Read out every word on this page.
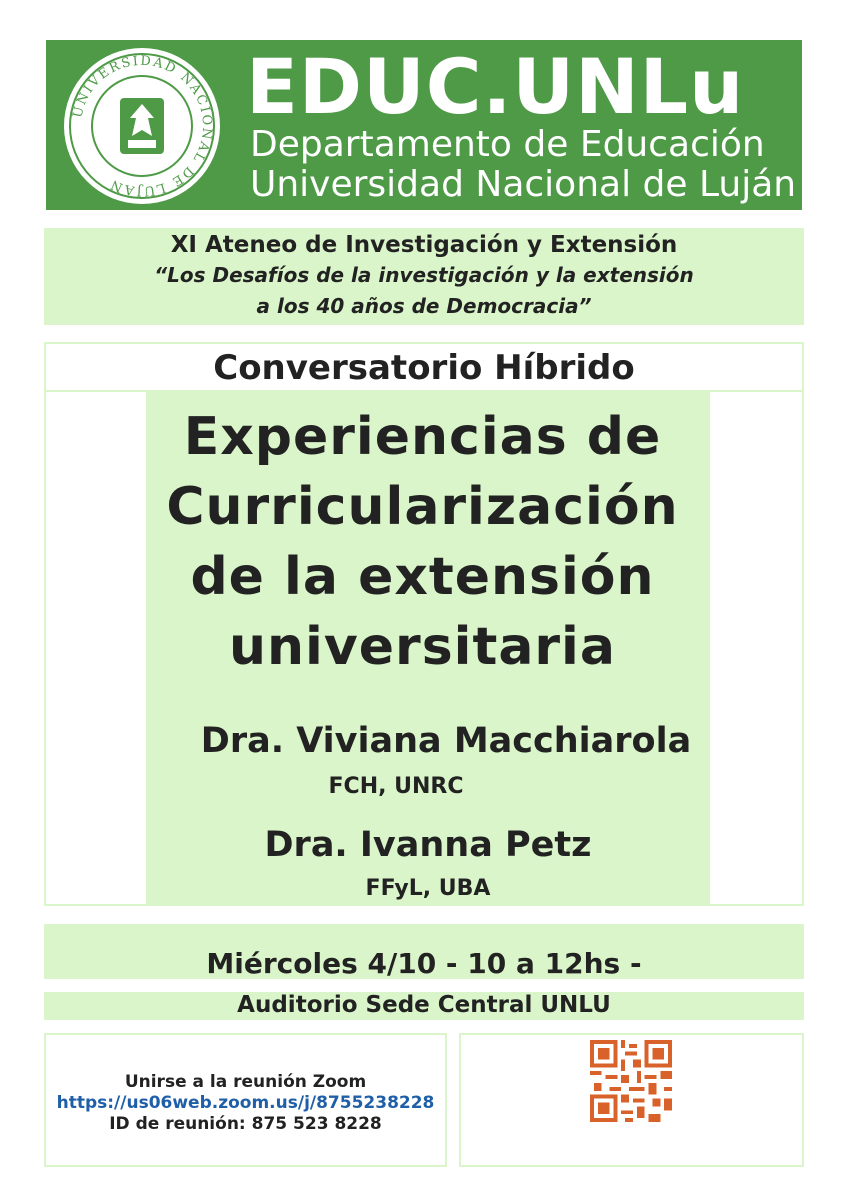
UNIVERSIDAD NACIONAL DE LUJAN
EDUC.UNLu
Departamento de Educación
Universidad Nacional de Luján
XI Ateneo de Investigación y Extensión
“Los Desafíos de la investigación y la extensión
a los 40 años de Democracia”
Conversatorio Híbrido
Experiencias de
Curricularización
de la extensión
universitaria
Dra. Viviana Macchiarola
FCH, UNRC
Dra. Ivanna Petz
FFyL, UBA
Miércoles 4/10 - 10 a 12hs -
Auditorio Sede Central UNLU
Unirse a la reunión Zoom
https://us06web.zoom.us/j/8755238228
ID de reunión: 875 523 8228
